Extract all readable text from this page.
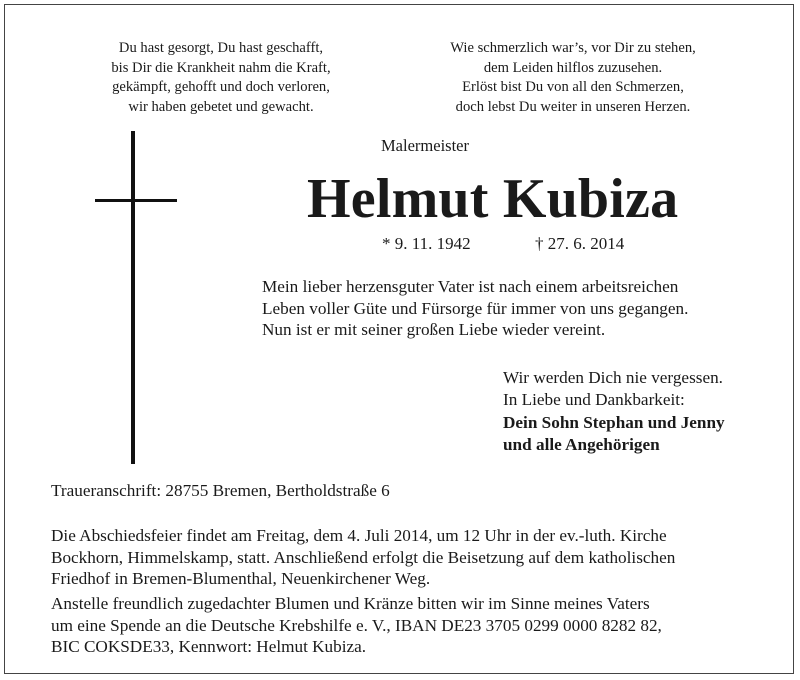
Du hast gesorgt, Du hast geschafft,
bis Dir die Krankheit nahm die Kraft,
gekämpft, gehofft und doch verloren,
wir haben gebetet und gewacht.
Wie schmerzlich war’s, vor Dir zu stehen,
dem Leiden hilflos zuzusehen.
Erlöst bist Du von all den Schmerzen,
doch lebst Du weiter in unseren Herzen.
Malermeister
Helmut Kubiza
* 9. 11. 1942	† 27. 6. 2014
Mein lieber herzensguter Vater ist nach einem arbeitsreichen
Leben voller Güte und Fürsorge für immer von uns gegangen.
Nun ist er mit seiner großen Liebe wieder vereint.
Wir werden Dich nie vergessen.
In Liebe und Dankbarkeit:
Dein Sohn Stephan und Jenny
und alle Angehörigen
Traueranschrift: 28755 Bremen, Bertholdstraße 6
Die Abschiedsfeier findet am Freitag, dem 4. Juli 2014, um 12 Uhr in der ev.-luth. Kirche
Bockhorn, Himmelskamp, statt. Anschließend erfolgt die Beisetzung auf dem katholischen
Friedhof in Bremen-Blumenthal, Neuenkirchener Weg.
Anstelle freundlich zugedachter Blumen und Kränze bitten wir im Sinne meines Vaters
um eine Spende an die Deutsche Krebshilfe e. V., IBAN DE23 3705 0299 0000 8282 82,
BIC COKSDE33, Kennwort: Helmut Kubiza.
